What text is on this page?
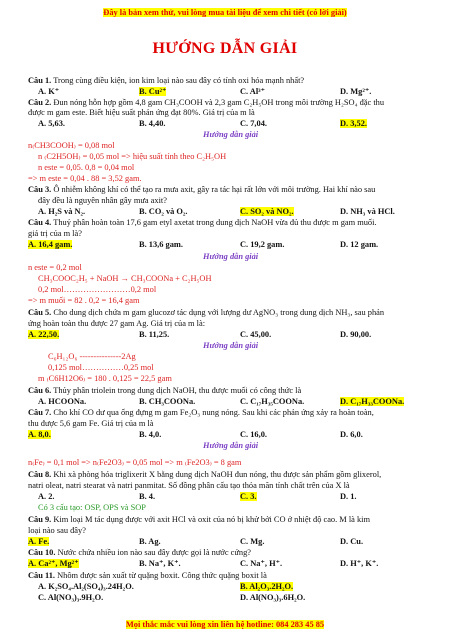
Đây là bản xem thử, vui lòng mua tài liệu để xem chi tiết (có lời giải)
HƯỚNG DẪN GIẢI
Câu 1. Trong cùng điều kiện, ion kim loại nào sau đây có tính oxi hóa mạnh nhất?
A. K⁺	B. Cu²⁺	C. Al³⁺	D. Mg²⁺.
Câu 2. Đun nóng hỗn hợp gồm 4,8 gam CH₃COOH và 2,3 gam C₂H₅OH trong môi trường H₂SO₄ đặc thu
được m gam este. Biết hiệu suất phản ứng đạt 80%. Giá trị của m là
A. 5,63.	B. 4,40.	C. 7,04.	D. 3,52.
Hướng dẫn giải
n₍CH3COOH₎ = 0,08 mol
n ₍C2H5OH₎ = 0,05 mol => hiệu suất tính theo C₂H₅OH
n este = 0,05. 0,8 = 0,04 mol
=> m este = 0,04 . 88 = 3,52 gam.
Câu 3. Ô nhiễm không khí có thể tạo ra mưa axit, gây ra tác hại rất lớn với môi trường. Hai khí nào sau
đây đều là nguyên nhân gây mưa axit?
A. H₂S và N₂.	B. CO₂ và O₂.	C. SO₂ và NO₂.	D. NH₃ và HCl.
Câu 4. Thuỷ phân hoàn toàn 17,6 gam etyl axetat trong dung dịch NaOH vừa đủ thu được m gam muối.
giá trị của m là?
A. 16,4 gam.	B. 13,6 gam.	C. 19,2 gam.	D. 12 gam.
Hướng dẫn giải
n este = 0,2 mol
CH₃COOC₂H₅ + NaOH → CH₃COONa + C₂H₅OH
0,2 mol……………………0,2 mol
=> m muối = 82 . 0,2 = 16,4 gam
Câu 5. Cho dung dịch chứa m gam glucozơ tác dụng với lượng dư AgNO₃ trong dung dịch NH₃, sau phản
ứng hoàn toàn thu được 27 gam Ag. Giá trị của m là:
A. 22,50.	B. 11,25.	C. 45,00.	D. 90,00.
Hướng dẫn giải
C₆H₁₂O₆ ---------------2Ag
0,125 mol……………0,25 mol
m ₍C6H12O6₎ = 180 . 0,125 = 22,5 gam
Câu 6. Thủy phân triolein trong dung dịch NaOH, thu được muối có công thức là
A. HCOONa.	B. CH₃COONa.	C. C₁₇H₃₅COONa.	D. C₁₇H₃₃COONa.
Câu 7. Cho khí CO dư qua ống đựng m gam Fe₂O₃ nung nóng. Sau khi các phản ứng xảy ra hoàn toàn,
thu được 5,6 gam Fe. Giá trị của m là
A. 8,0.	B. 4,0.	C. 16,0.	D. 6,0.
Hướng dẫn giải
n₍Fe₎ = 0,1 mol => n₍Fe2O3₎ = 0,05 mol => m ₍Fe2O3₎ = 8 gam
Câu 8. Khi xà phòng hóa triglixerit X bằng dung dịch NaOH đun nóng, thu được sản phẩm gồm glixerol,
natri oleat, natri stearat và natri panmitat. Số đồng phân cấu tạo thỏa mãn tính chất trên của X là
A. 2.	B. 4.	C. 3.	D. 1.
Có 3 cấu tạo: OSP, OPS và SOP
Câu 9. Kim loại M tác dụng được với axit HCl và oxit của nó bị khử bởi CO ở nhiệt độ cao. M là kim
loại nào sau đây?
A. Fe.	B. Ag.	C. Mg.	D. Cu.
Câu 10. Nước chứa nhiều ion nào sau đây được gọi là nước cứng?
A. Ca²⁺, Mg²⁺	B. Na⁺, K⁺.	C. Na⁺, H⁺.	D. H⁺, K⁺.
Câu 11. Nhôm được sản xuất từ quặng boxit. Công thức quặng boxit là
A. K₂SO₄.Al₂(SO₄)₃.24H₂O.	B. Al₂O₃.2H₂O.
C. Al(NO₃)₃.9H₂O.	D. Al(NO₃)₃.6H₂O.
Mọi thắc mắc vui lòng xin liên hệ hotline: 084 283 45 85
